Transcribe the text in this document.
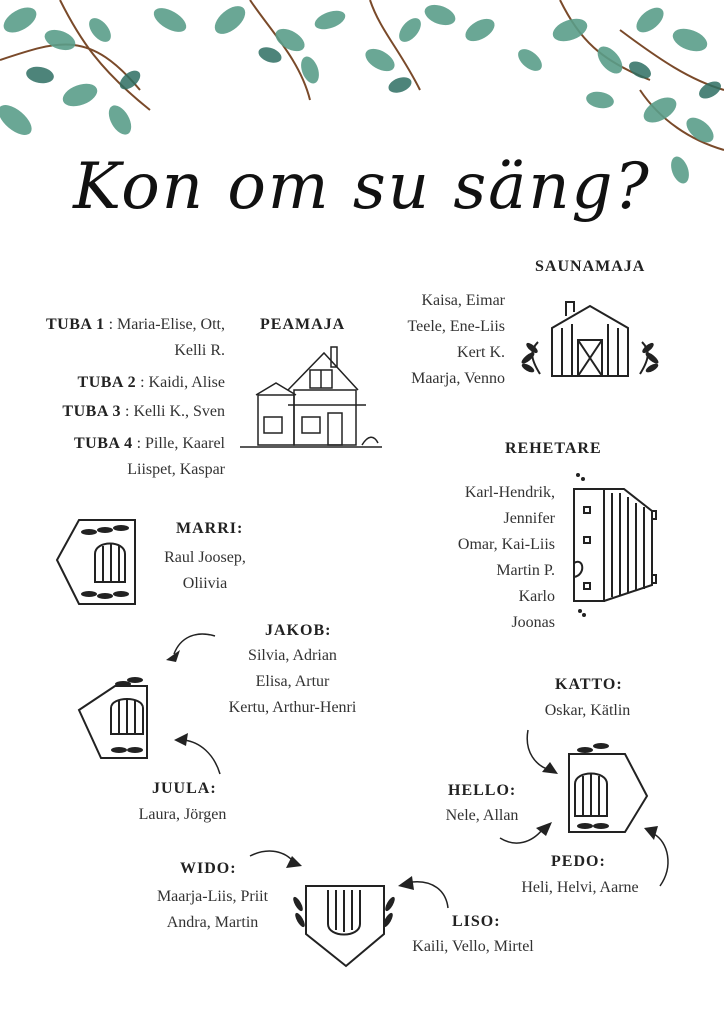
Kon om su säng?
SAUNAMAJA
Kaisa, Eimar
Teele, Ene-Liis
Kert K.
Maarja, Venno
PEAMAJA
TUBA 1 : Maria-Elise, Ott,
Kelli R.
TUBA 2 : Kaidi, Alise
TUBA 3 : Kelli K., Sven
TUBA 4 : Pille, Kaarel
Liispet, Kaspar
REHETARE
Karl-Hendrik,
Jennifer
Omar, Kai-Liis
Martin P.
Karlo
Joonas
MARRI:
Raul Joosep,
Oliivia
JAKOB:
Silvia, Adrian
Elisa, Artur
Kertu, Arthur-Henri
JUULA:
Laura, Jörgen
KATTO:
Oskar, Kätlin
HELLO:
Nele, Allan
PEDO:
Heli, Helvi, Aarne
WIDO:
Maarja-Liis, Priit
Andra, Martin	LISO:
Kaili, Vello, Mirtel
